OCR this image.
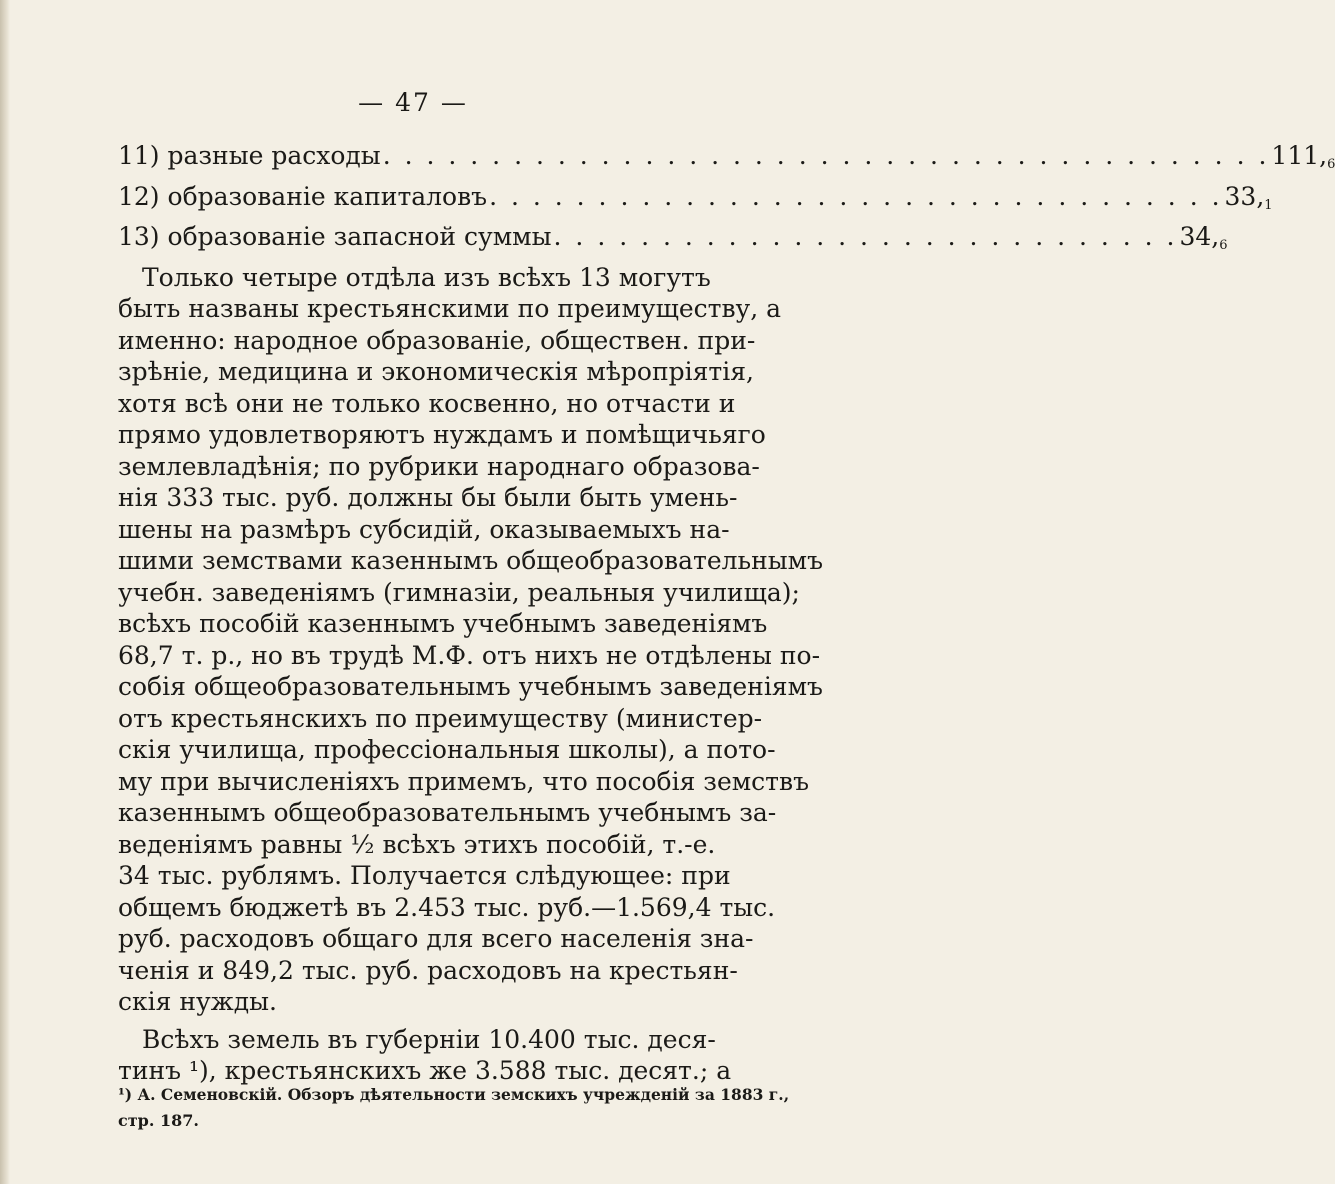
— 47 —
11) разные расходы . . . . . . . . . . . . . . . . . . . . . . . . . . . . . . . . . . . . . . . . . $111,_6$
12) образованіе капиталовъ . . . . . . . . . . . . . . . . . . . . . . . . . . . . . . . . . . $33,_1$
13) образованіе запасной суммы . . . . . . . . . . . . . . . . . . . . . . . . . . . . . $34,_6$
Только четыре отдѣла изъ всѣхъ 13 могутъ
быть названы крестьянскими по преимуществу, а
именно: народное образованіе, обществен. при-
зрѣніе, медицина и экономическія мѣропріятія,
хотя всѣ они не только косвенно, но отчасти и
прямо удовлетворяютъ нуждамъ и помѣщичьяго
землевладѣнія; по рубрики народнаго образова-
нія 333 тыс. руб. должны бы были быть умень-
шены на размѣръ субсидій, оказываемыхъ на-
шими земствами казеннымъ общеобразовательнымъ
учебн. заведеніямъ (гимназіи, реальныя училища);
всѣхъ пособій казеннымъ учебнымъ заведеніямъ
68,7 т. р., но въ трудѣ М.Ф. отъ нихъ не отдѣлены по-
собія общеобразовательнымъ учебнымъ заведеніямъ
отъ крестьянскихъ по преимуществу (министер-
скія училища, профессіональныя школы), а пото-
му при вычисленіяхъ примемъ, что пособія земствъ
казеннымъ общеобразовательнымъ учебнымъ за-
веденіямъ равны ½ всѣхъ этихъ пособій, т.-е.
34 тыс. рублямъ. Получается слѣдующее: при
общемъ бюджетѣ въ 2.453 тыс. руб.—1.569,4 тыс.
руб. расходовъ общаго для всего населенія зна-
ченія и 849,2 тыс. руб. расходовъ на крестьян-
скія нужды.
Всѣхъ земель въ губерніи 10.400 тыс. деся-
тинъ ¹), крестьянскихъ же 3.588 тыс. десят.; а
¹) А. Семеновскій. Обзоръ дѣятельности земскихъ учрежденій за 1883 г.,
стр. 187.
